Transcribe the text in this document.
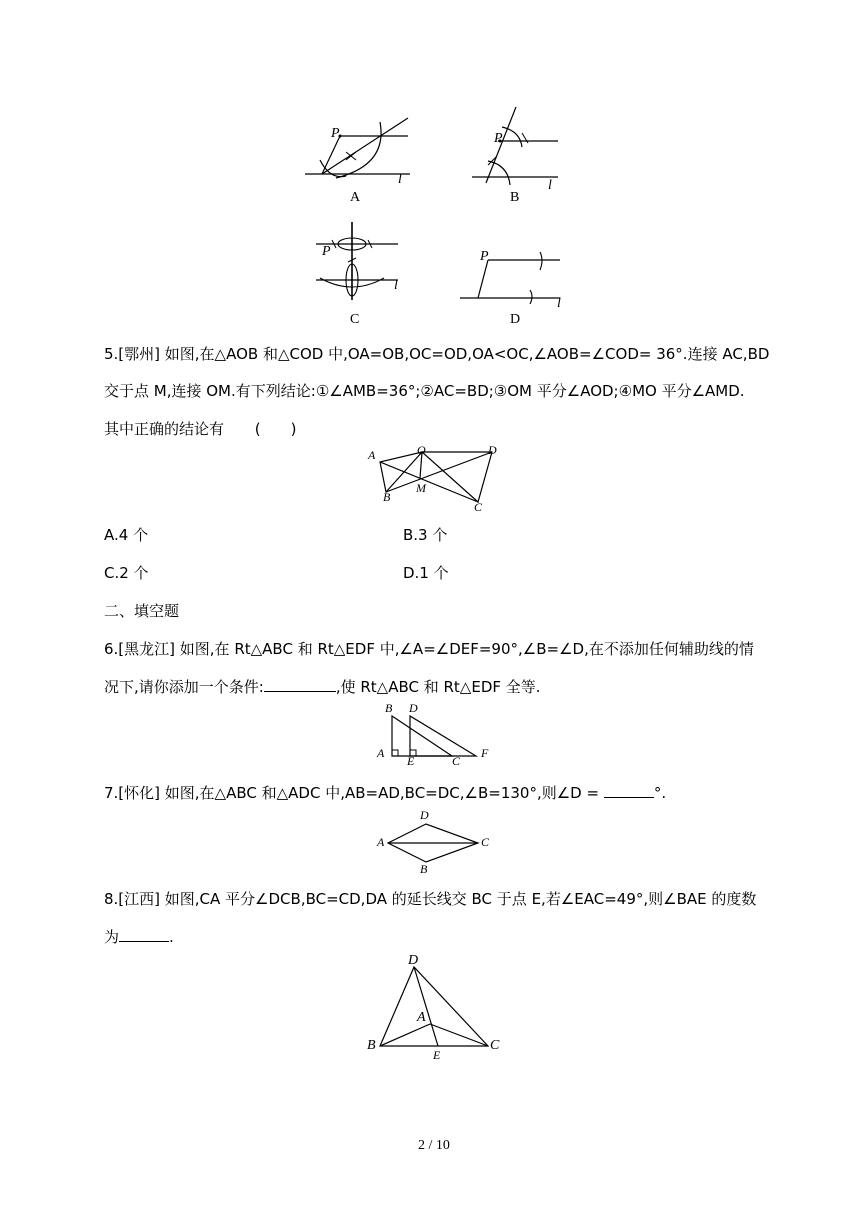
P
l
A
P
l
B
P
l
C
P
l
D
5.[鄂州] 如图,在△AOB 和△COD 中,OA=OB,OC=OD,OA<OC,∠AOB=∠COD= 36°.连接 AC,BD
交于点 M,连接 OM.有下列结论:①∠AMB=36°;②AC=BD;③OM 平分∠AOD;④MO 平分∠AMD.
其中正确的结论有 (　　)
A	O	D
B
M
C
A.4 个	B.3 个
C.2 个	D.1 个
二、填空题
6.[黑龙江] 如图,在 Rt△ABC 和 Rt△EDF 中,∠A=∠DEF=90°,∠B=∠D,在不添加任何辅助线的情
况下,请你添加一个条件:	,使 Rt△ABC 和 Rt△EDF 全等.
B D
A
E	C
F
7.[怀化] 如图,在△ABC 和△ADC 中,AB=AD,BC=DC,∠B=130°,则∠D =	°.
D
A	C
B
8.[江西] 如图,CA 平分∠DCB,BC=CD,DA 的延长线交 BC 于点 E,若∠EAC=49°,则∠BAE 的度数
为	.
D
A
B
E
C
2 / 10
